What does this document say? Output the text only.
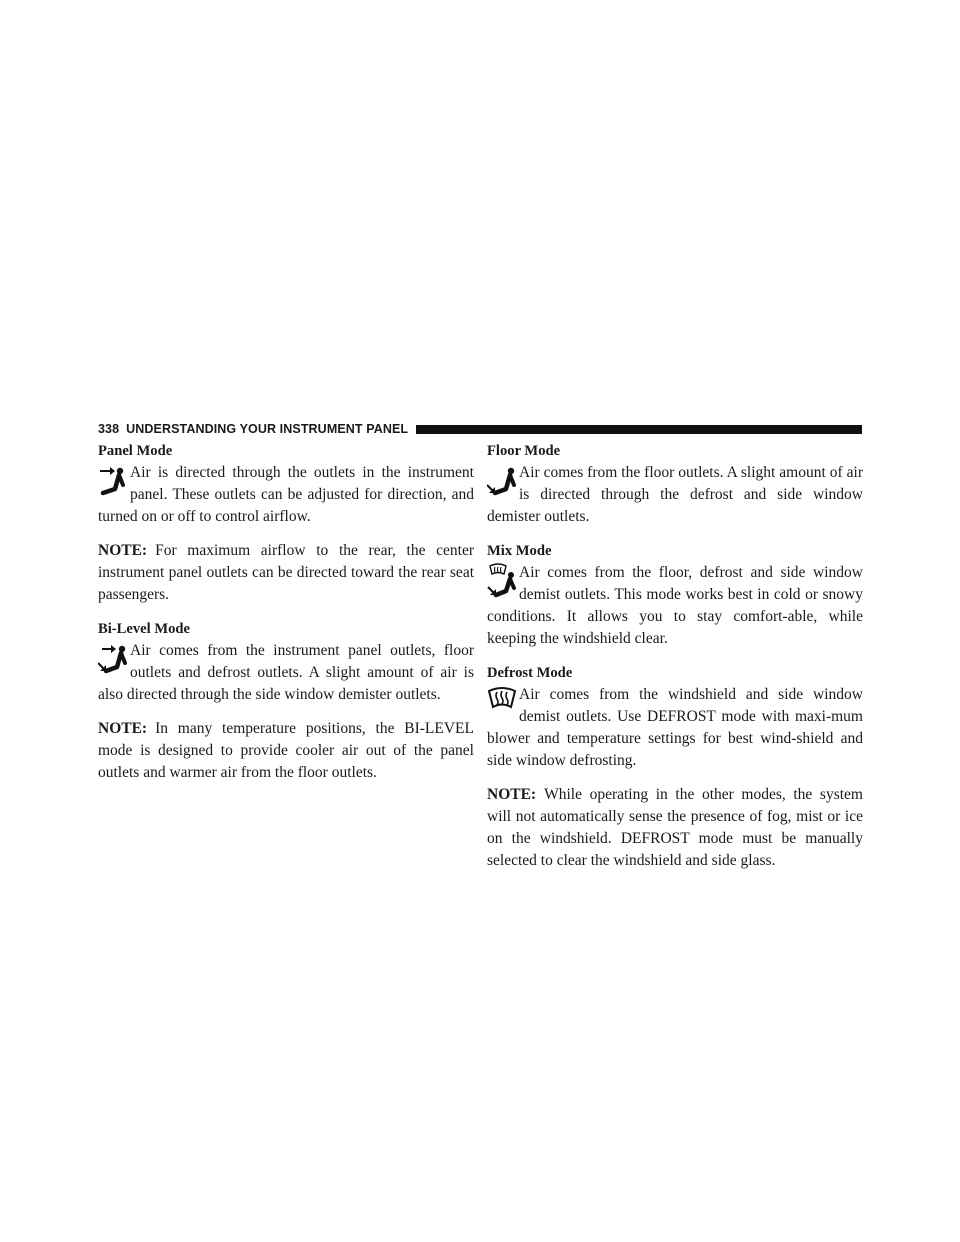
338 UNDERSTANDING YOUR INSTRUMENT PANEL
Panel Mode

Air is directed through the outlets in the instrument panel. These outlets can be adjusted for direction, and turned on or off to control airflow.

NOTE: For maximum airflow to the rear, the center instrument panel outlets can be directed toward the rear seat passengers.

Bi-Level Mode

Air comes from the instrument panel outlets, floor outlets and defrost outlets. A slight amount of air is also directed through the side window demister outlets.

NOTE: In many temperature positions, the BI-LEVEL mode is designed to provide cooler air out of the panel outlets and warmer air from the floor outlets.

Floor Mode

Air comes from the floor outlets. A slight amount of air is directed through the defrost and side window demister outlets.

Mix Mode

Air comes from the floor, defrost and side window demist outlets. This mode works best in cold or snowy conditions. It allows you to stay comfort-able, while keeping the windshield clear.

Defrost Mode

Air comes from the windshield and side window demist outlets. Use DEFROST mode with maxi-mum blower and temperature settings for best wind-shield and side window defrosting.

NOTE: While operating in the other modes, the system will not automatically sense the presence of fog, mist or ice on the windshield. DEFROST mode must be manually selected to clear the windshield and side glass.
